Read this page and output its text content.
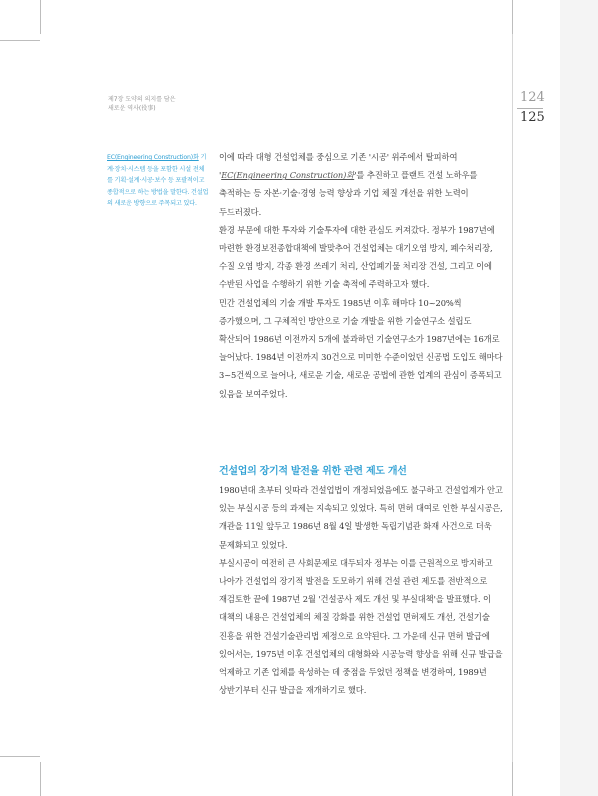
제7장 도약의 의지를 담은
새로운 역사(役事)
124
125
EC(Engineering Construction)화 기계·장치·시스템 등을 포함한 시설 전체를 기획·설계·시공·보수 등 포괄적이고 종합적으로 하는 방법을 말한다. 건설업의 새로운 방향으로 주목되고 있다.

이에 따라 대형 건설업체를 중심으로 기존 '시공' 위주에서 탈피하여 'EC(Engineering Construction)화'를 추진하고 플랜트 건설 노하우를 축적하는 등 자본·기술·경영 능력 향상과 기업 체질 개선을 위한 노력이 두드러졌다.

환경 부문에 대한 투자와 기술투자에 대한 관심도 커져갔다. 정부가 1987년에 마련한 환경보전종합대책에 발맞추어 건설업체는 대기오염 방지, 폐수처리장, 수질 오염 방지, 각종 환경 쓰레기 처리, 산업폐기물 처리장 건설, 그리고 이에 수반된 사업을 수행하기 위한 기술 축적에 주력하고자 했다.

민간 건설업체의 기술 개발 투자도 1985년 이후 해마다 10~20%씩 증가했으며, 그 구체적인 방안으로 기술 개발을 위한 기술연구소 설립도 확산되어 1986년 이전까지 5개에 불과하던 기술연구소가 1987년에는 16개로 늘어났다. 1984년 이전까지 30건으로 미미한 수준이었던 신공법 도입도 해마다 3~5건씩으로 늘어나, 새로운 기술, 새로운 공법에 관한 업계의 관심이 증폭되고 있음을 보여주었다.

건설업의 장기적 발전을 위한 관련 제도 개선

1980년대 초부터 잇따라 건설업법이 개정되었음에도 불구하고 건설업계가 안고 있는 부실시공 등의 과제는 지속되고 있었다. 특히 면허 대여로 인한 부실시공은, 개관을 11일 앞두고 1986년 8월 4일 발생한 독립기념관 화재 사건으로 더욱 문제화되고 있었다.

부실시공이 여전히 큰 사회문제로 대두되자 정부는 이를 근원적으로 방지하고 나아가 건설업의 장기적 발전을 도모하기 위해 건설 관련 제도를 전반적으로 재검토한 끝에 1987년 2월 '건설공사 제도 개선 및 부실대책'을 발표했다. 이 대책의 내용은 건설업체의 체질 강화를 위한 건설업 면허제도 개선, 건설기술 진흥을 위한 건설기술관리법 제정으로 요약된다. 그 가운데 신규 면허 발급에 있어서는, 1975년 이후 건설업체의 대형화와 시공능력 향상을 위해 신규 발급을 억제하고 기존 업체를 육성하는 데 중점을 두었던 정책을 변경하여, 1989년 상반기부터 신규 발급을 재개하기로 했다.
